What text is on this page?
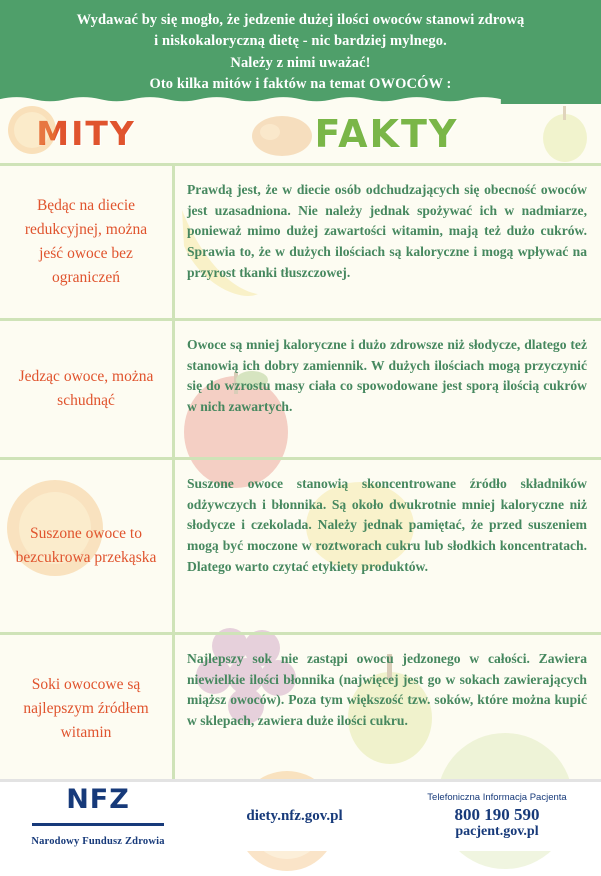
Wydawać by się mogło, że jedzenie dużej ilości owoców stanowi zdrową

i niskokaloryczną dietę - nic bardziej mylnego.

Należy z nimi uważać!

Oto kilka mitów i faktów na temat OWOCÓW :

MITY	FAKTY
Będąc na diecie redukcyjnej, można jeść owoce bez ograniczeń

Prawdą jest, że w diecie osób odchudzających się obecność owoców jest uzasadniona. Nie należy jednak spożywać ich w nadmiarze, ponieważ mimo dużej zawartości witamin, mają też dużo cukrów. Sprawia to, że w dużych ilościach są kaloryczne i mogą wpływać na przyrost tkanki tłuszczowej.

Jedząc owoce, można schudnąć

Owoce są mniej kaloryczne i dużo zdrowsze niż słodycze, dlatego też stanowią ich dobry zamiennik. W dużych ilościach mogą przyczynić się do wzrostu masy ciała co spowodowane jest sporą ilością cukrów w nich zawartych.

Suszone owoce to bezcukrowa przekąska

Suszone owoce stanowią skoncentrowane źródło składników odżywczych i błonnika. Są około dwukrotnie mniej kaloryczne niż słodycze i czekolada. Należy jednak pamiętać, że przed suszeniem mogą być moczone w roztworach cukru lub słodkich koncentratach. Dlatego warto czytać etykiety produktów.

Soki owocowe są najlepszym źródłem witamin

Najlepszy sok nie zastąpi owocu jedzonego w całości. Zawiera niewielkie ilości błonnika (najwięcej jest go w sokach zawierających miąższ owoców). Poza tym większość tzw. soków, które można kupić w sklepach, zawiera duże ilości cukru.

NFZ
Narodowy Fundusz Zdrowia
diety.nfz.gov.pl
Telefoniczna Informacja Pacjenta
800 190 590
pacjent.gov.pl
